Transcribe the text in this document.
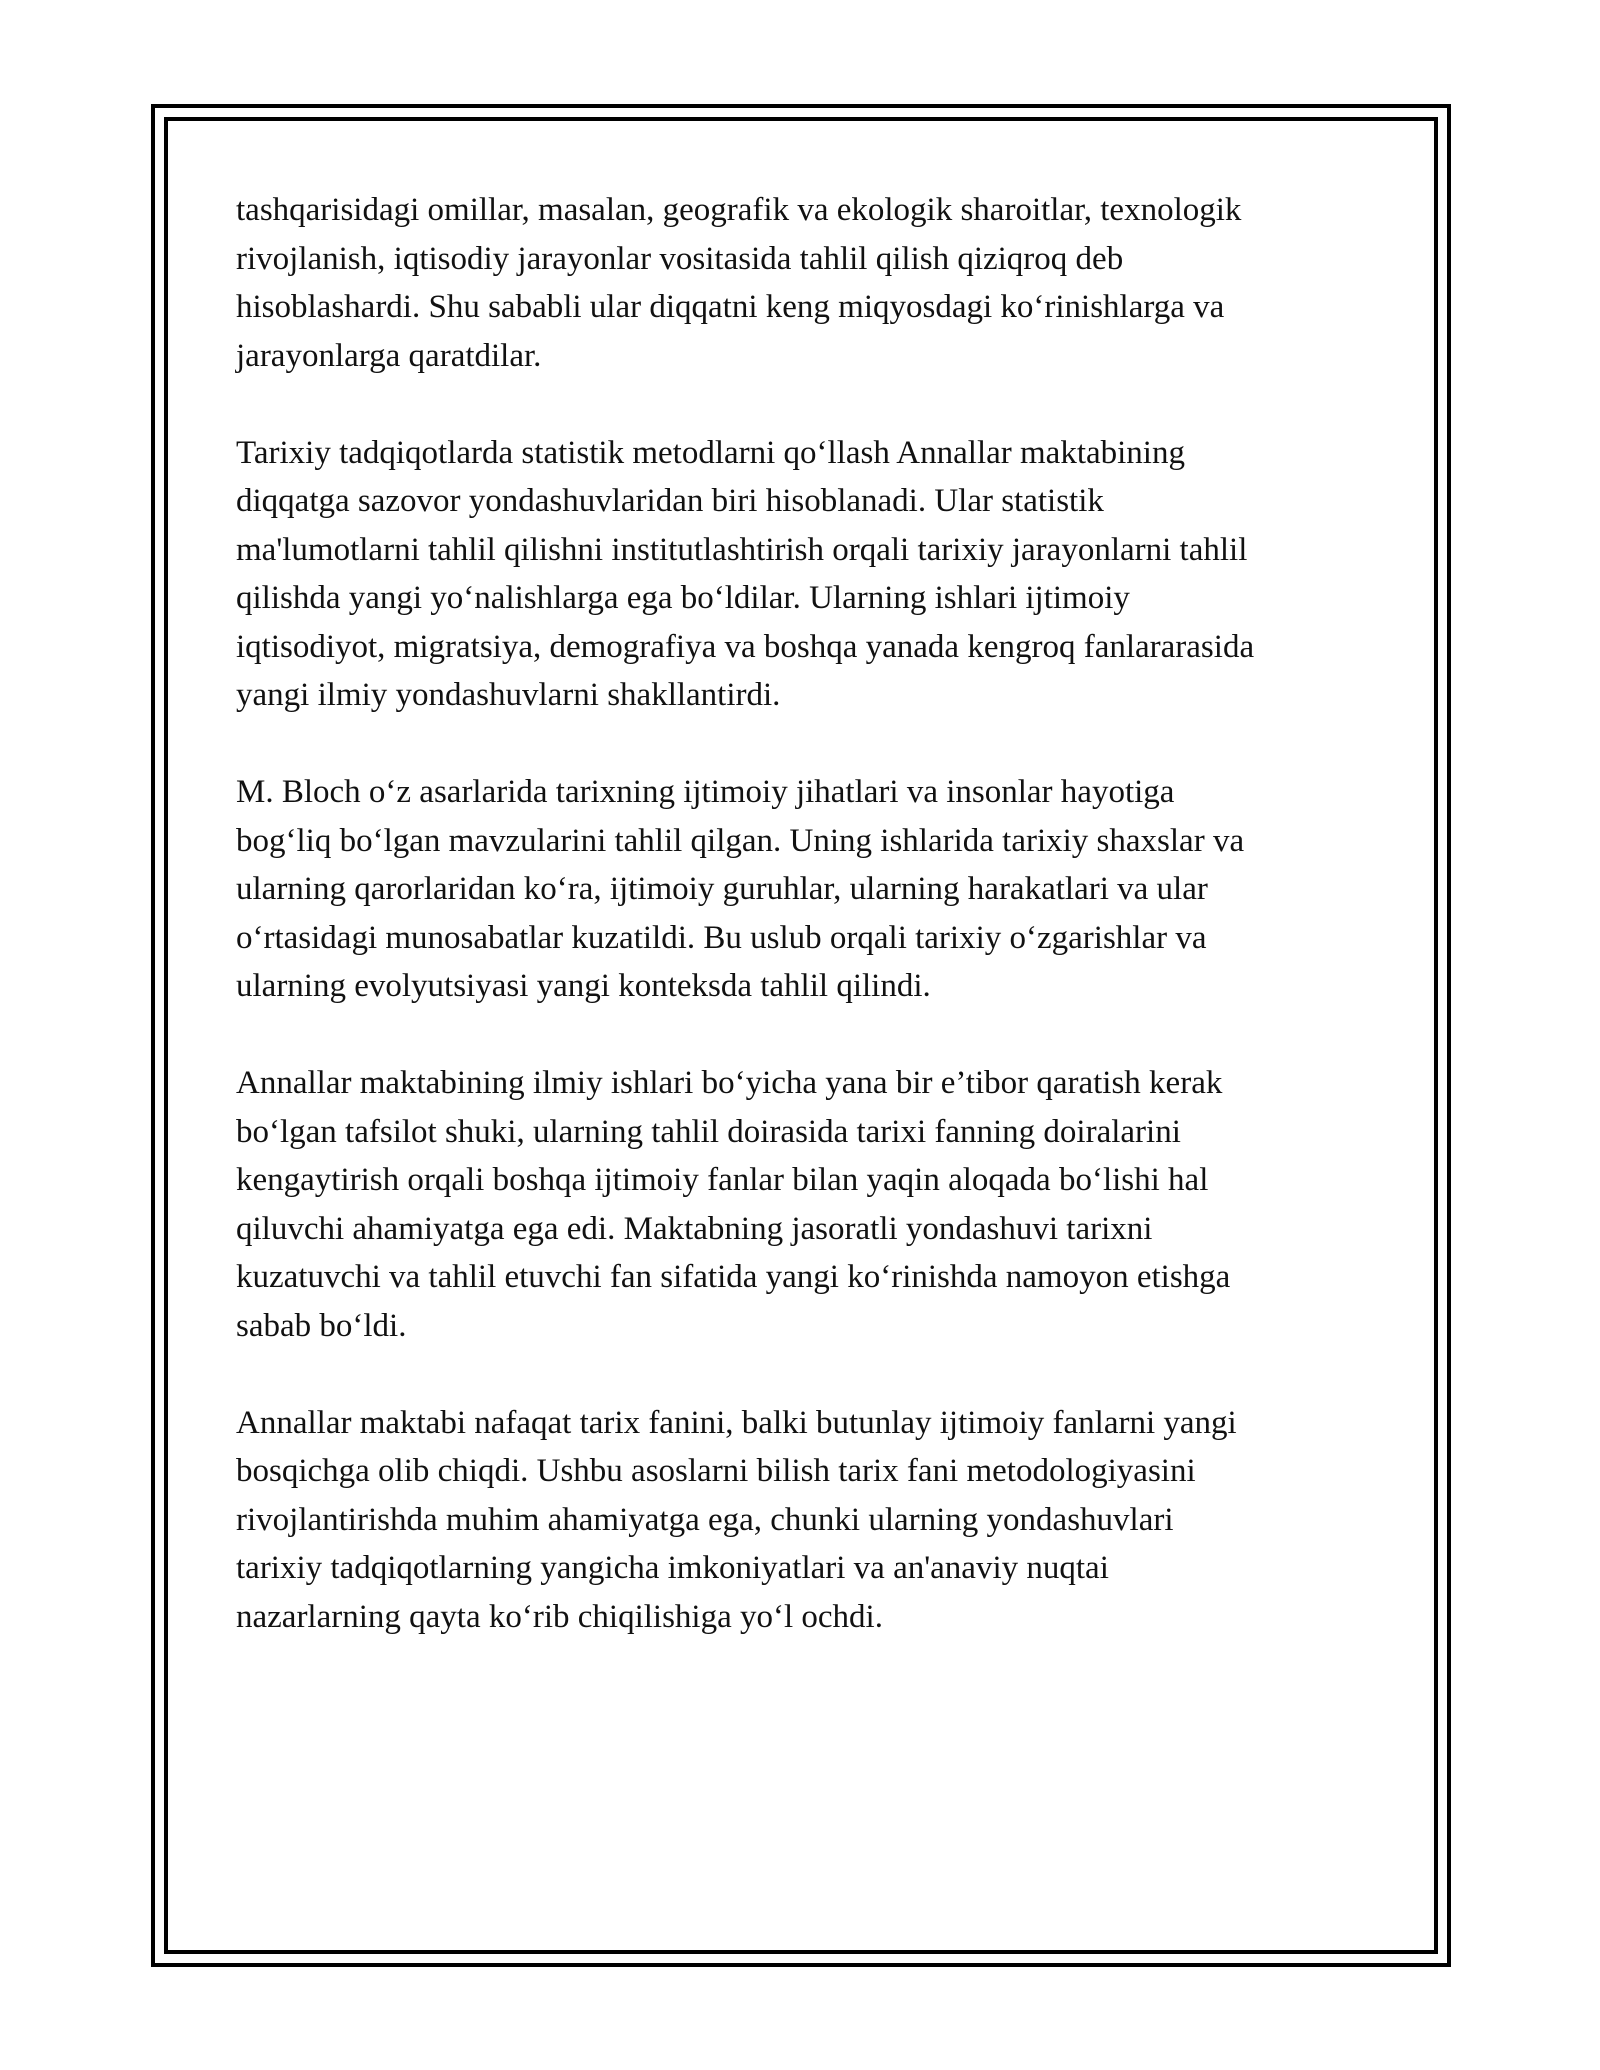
tashqarisidagi omillar, masalan, geografik va ekologik sharoitlar, texnologik
rivojlanish, iqtisodiy jarayonlar vositasida tahlil qilish qiziqroq deb
hisoblashardi. Shu sababli ular diqqatni keng miqyosdagi ko‘rinishlarga va
jarayonlarga qaratdilar.

Tarixiy tadqiqotlarda statistik metodlarni qo‘llash Annallar maktabining
diqqatga sazovor yondashuvlaridan biri hisoblanadi. Ular statistik
ma'lumotlarni tahlil qilishni institutlashtirish orqali tarixiy jarayonlarni tahlil
qilishda yangi yo‘nalishlarga ega bo‘ldilar. Ularning ishlari ijtimoiy
iqtisodiyot, migratsiya, demografiya va boshqa yanada kengroq fanlararasida
yangi ilmiy yondashuvlarni shakllantirdi.

M. Bloch o‘z asarlarida tarixning ijtimoiy jihatlari va insonlar hayotiga
bog‘liq bo‘lgan mavzularini tahlil qilgan. Uning ishlarida tarixiy shaxslar va
ularning qarorlaridan ko‘ra, ijtimoiy guruhlar, ularning harakatlari va ular
o‘rtasidagi munosabatlar kuzatildi. Bu uslub orqali tarixiy o‘zgarishlar va
ularning evolyutsiyasi yangi konteksda tahlil qilindi.

Annallar maktabining ilmiy ishlari bo‘yicha yana bir e’tibor qaratish kerak
bo‘lgan tafsilot shuki, ularning tahlil doirasida tarixi fanning doiralarini
kengaytirish orqali boshqa ijtimoiy fanlar bilan yaqin aloqada bo‘lishi hal
qiluvchi ahamiyatga ega edi. Maktabning jasoratli yondashuvi tarixni
kuzatuvchi va tahlil etuvchi fan sifatida yangi ko‘rinishda namoyon etishga
sabab bo‘ldi.

Annallar maktabi nafaqat tarix fanini, balki butunlay ijtimoiy fanlarni yangi
bosqichga olib chiqdi. Ushbu asoslarni bilish tarix fani metodologiyasini
rivojlantirishda muhim ahamiyatga ega, chunki ularning yondashuvlari
tarixiy tadqiqotlarning yangicha imkoniyatlari va an'anaviy nuqtai
nazarlarning qayta ko‘rib chiqilishiga yo‘l ochdi.
